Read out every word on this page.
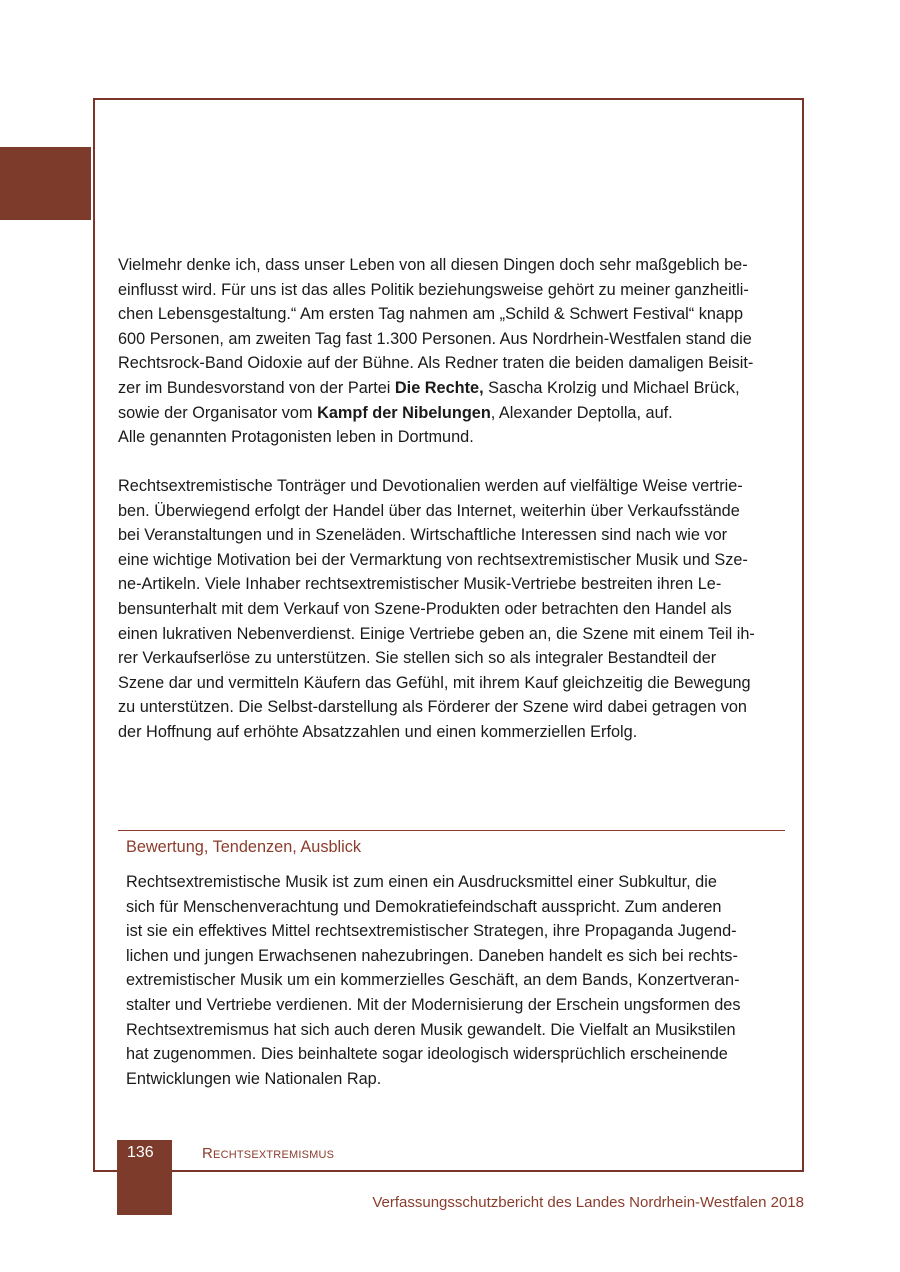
Vielmehr denke ich, dass unser Leben von all diesen Dingen doch sehr maßgeblich be-

einflusst wird. Für uns ist das alles Politik beziehungsweise gehört zu meiner ganzheitli-

chen Lebensgestaltung.“ Am ersten Tag nahmen am „Schild & Schwert Festival“ knapp

600 Personen, am zweiten Tag fast 1.300 Personen. Aus Nordrhein-Westfalen stand die

Rechtsrock-Band Oidoxie auf der Bühne. Als Redner traten die beiden damaligen Beisit-

zer im Bundesvorstand von der Partei Die Rechte, Sascha Krolzig und Michael Brück,

sowie der Organisator vom Kampf der Nibelungen, Alexander Deptolla, auf.

Alle genannten Protagonisten leben in Dortmund.

Rechtsextremistische Tonträger und Devotionalien werden auf vielfältige Weise vertrie-

ben. Überwiegend erfolgt der Handel über das Internet, weiterhin über Verkaufsstände

bei Veranstaltungen und in Szeneläden. Wirtschaftliche Interessen sind nach wie vor

eine wichtige Motivation bei der Vermarktung von rechtsextremistischer Musik und Sze-

ne-Artikeln. Viele Inhaber rechtsextremistischer Musik-Vertriebe bestreiten ihren Le-

bensunterhalt mit dem Verkauf von Szene-Produkten oder betrachten den Handel als

einen lukrativen Nebenverdienst. Einige Vertriebe geben an, die Szene mit einem Teil ih-

rer Verkaufserlöse zu unterstützen. Sie stellen sich so als integraler Bestandteil der

Szene dar und vermitteln Käufern das Gefühl, mit ihrem Kauf gleichzeitig die Bewegung

zu unterstützen. Die Selbst-darstellung als Förderer der Szene wird dabei getragen von

der Hoffnung auf erhöhte Absatzzahlen und einen kommerziellen Erfolg.

Bewertung, Tendenzen, Ausblick

Rechtsextremistische Musik ist zum einen ein Ausdrucksmittel einer Subkultur, die

sich für Menschenverachtung und Demokratiefeindschaft ausspricht. Zum anderen

ist sie ein effektives Mittel rechtsextremistischer Strategen, ihre Propaganda Jugend-

lichen und jungen Erwachsenen nahezubringen. Daneben handelt es sich bei rechts-

extremistischer Musik um ein kommerzielles Geschäft, an dem Bands, Konzertveran-

stalter und Vertriebe verdienen. Mit der Modernisierung der Erschein ungsformen des

Rechtsextremismus hat sich auch deren Musik gewandelt. Die Vielfalt an Musikstilen

hat zugenommen. Dies beinhaltete sogar ideologisch widersprüchlich erscheinende

Entwicklungen wie Nationalen Rap.

136	Rechtsextremismus
Verfassungsschutzbericht des Landes Nordrhein-Westfalen 2018
